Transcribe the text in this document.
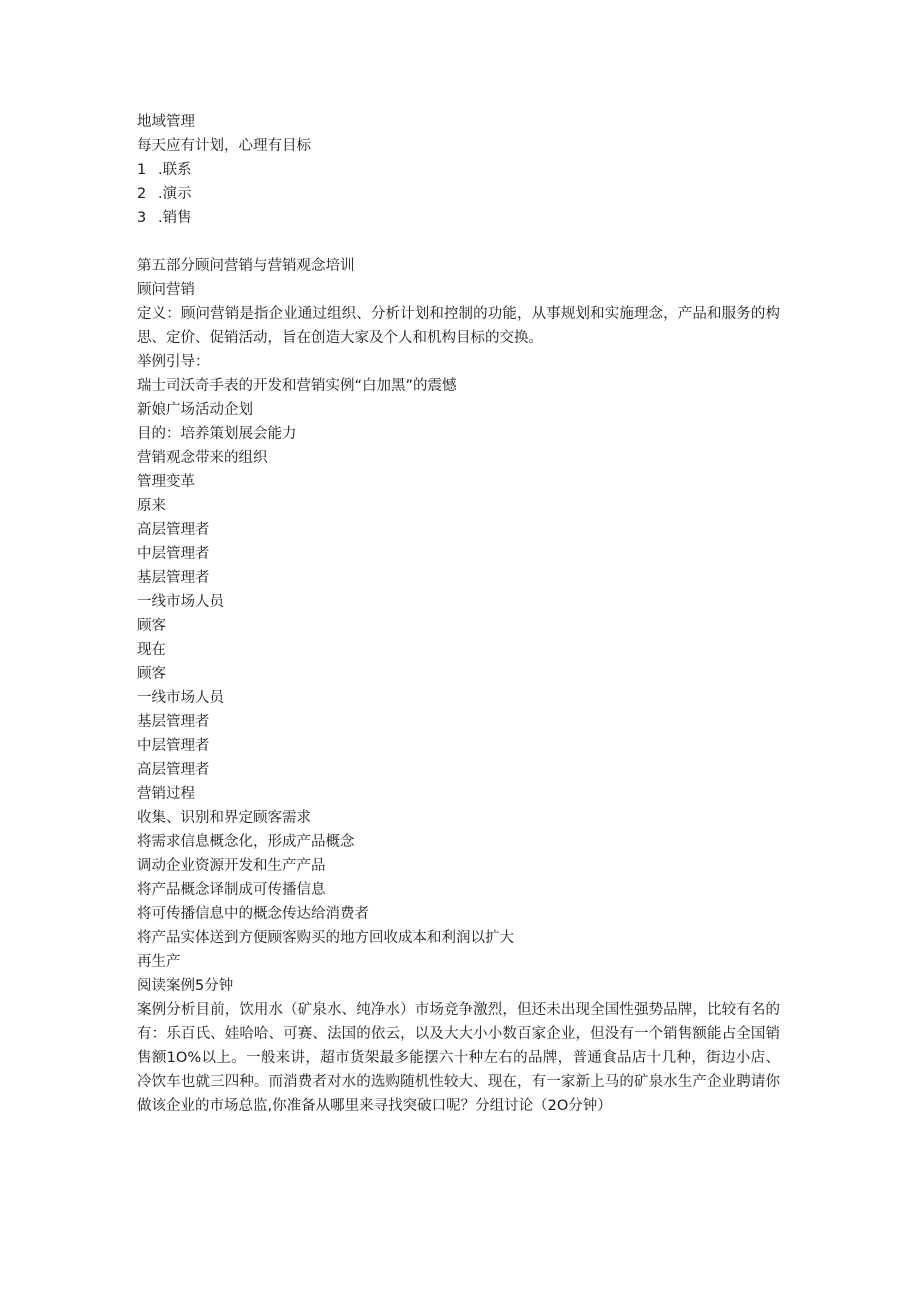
地域管理
每天应有计划，心理有目标
1 .联系
2 .演示
3 .销售
第五部分顾问营销与营销观念培训
顾问营销
定义：顾问营销是指企业通过组织、分析计划和控制的功能，从事规划和实施理念，产品和服务的构思、定价、促销活动，旨在创造大家及个人和机构目标的交换。
举例引导：
瑞士司沃奇手表的开发和营销实例“白加黑”的震憾
新娘广场活动企划
目的：培养策划展会能力
营销观念带来的组织
管理变革
原来
高层管理者
中层管理者
基层管理者
一线市场人员
顾客
现在
顾客
一线市场人员
基层管理者
中层管理者
高层管理者
营销过程
收集、识别和界定顾客需求
将需求信息概念化，形成产品概念
调动企业资源开发和生产产品
将产品概念译制成可传播信息
将可传播信息中的概念传达给消费者
将产品实体送到方便顾客购买的地方回收成本和利润以扩大
再生产
阅读案例5分钟
案例分析目前，饮用水（矿泉水、纯净水）市场竞争激烈，但还未出现全国性强势品牌，比较有名的有：乐百氏、娃哈哈、可赛、法国的依云，以及大大小小数百家企业，但没有一个销售额能占全国销售额1O%以上。一般来讲，超市货架最多能摆六十种左右的品牌，普通食品店十几种，街边小店、冷饮车也就三四种。而消费者对水的选购随机性较大、现在，有一家新上马的矿泉水生产企业聘请你做该企业的市场总监,你准备从哪里来寻找突破口呢？分组讨论（2O分钟）
